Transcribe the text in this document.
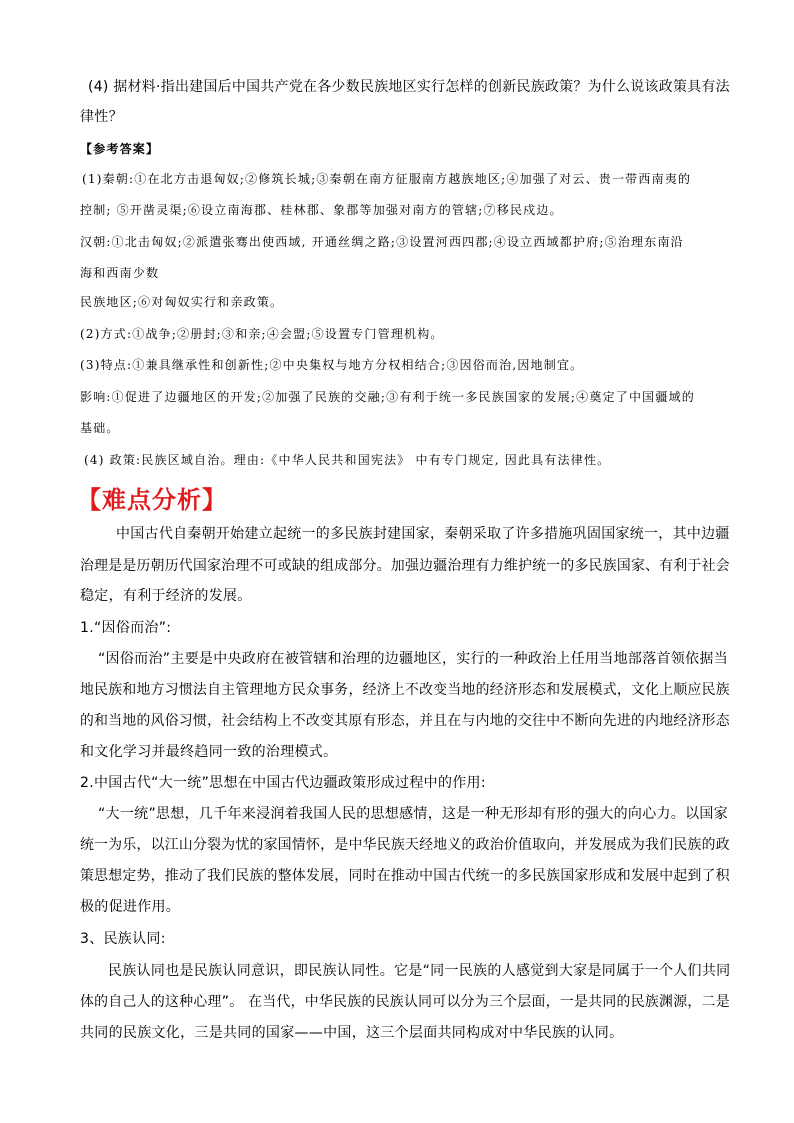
(4) 据材料·指出建国后中国共产党在各少数民族地区实行怎样的创新民族政策？为什么说该政策具有法
律性？
【参考答案】
(1)秦朝:①在北方击退匈奴;②修筑长城;③秦朝在南方征服南方越族地区;④加强了对云、贵一带西南夷的
控制; ⑤开凿灵渠;⑥设立南海郡、桂林郡、象郡等加强对南方的管辖;⑦移民戍边。
汉朝:①北击匈奴;②派遣张骞出使西域, 开通丝绸之路;③设置河西四郡;④设立西域都护府;⑤治理东南沿
海和西南少数
民族地区;⑥对匈奴实行和亲政策。
(2)方式:①战争;②册封;③和亲;④会盟;⑤设置专门管理机构。
(3)特点:①兼具继承性和创新性;②中央集权与地方分权相结合;③因俗而治,因地制宜。
影响:①促进了边疆地区的开发;②加强了民族的交融;③有利于统一多民族国家的发展;④奠定了中国疆域的
基础。
(4) 政策:民族区域自治。理由:《中华人民共和国宪法》 中有专门规定, 因此具有法律性。
【难点分析】
中国古代自秦朝开始建立起统一的多民族封建国家，秦朝采取了许多措施巩固国家统一，其中边疆
治理是是历朝历代国家治理不可或缺的组成部分。加强边疆治理有力维护统一的多民族国家、有利于社会
稳定，有利于经济的发展。
1.“因俗而治”:
“因俗而治”主要是中央政府在被管辖和治理的边疆地区，实行的一种政治上任用当地部落首领依据当
地民族和地方习惯法自主管理地方民众事务，经济上不改变当地的经济形态和发展模式，文化上顺应民族
的和当地的风俗习惯，社会结构上不改变其原有形态，并且在与内地的交往中不断向先进的内地经济形态
和文化学习并最终趋同一致的治理模式。
2.中国古代“大一统”思想在中国古代边疆政策形成过程中的作用:
“大一统”思想，几千年来浸润着我国人民的思想感情，这是一种无形却有形的强大的向心力。以国家
统一为乐，以江山分裂为忧的家国情怀，是中华民族天经地义的政治价值取向，并发展成为我们民族的政
策思想定势，推动了我们民族的整体发展，同时在推动中国古代统一的多民族国家形成和发展中起到了积
极的促进作用。
3、民族认同:
民族认同也是民族认同意识，即民族认同性。它是“同一民族的人感觉到大家是同属于一个人们共同
体的自己人的这种心理”。 在当代，中华民族的民族认同可以分为三个层面，一是共同的民族渊源，二是
共同的民族文化，三是共同的国家——中国，这三个层面共同构成对中华民族的认同。
